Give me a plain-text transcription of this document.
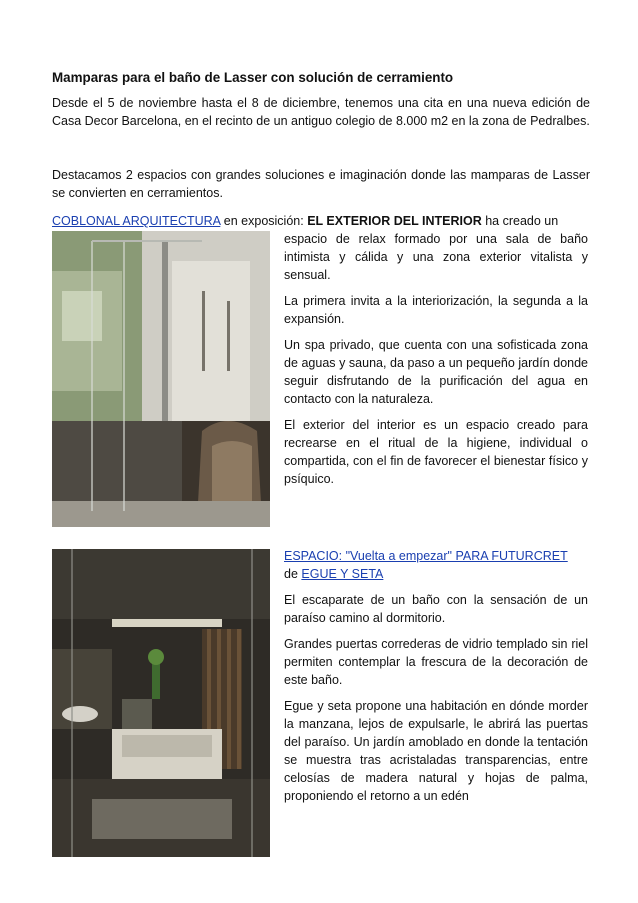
Mamparas para el baño de Lasser con solución de cerramiento

Desde el 5 de noviembre hasta el 8 de diciembre, tenemos una cita en una nueva edición de Casa Decor Barcelona, en el recinto de un antiguo colegio de 8.000 m2 en la zona de Pedralbes.

Destacamos 2 espacios con grandes soluciones e imaginación donde las mamparas de Lasser se convierten en cerramientos.

COBLONAL ARQUITECTURA en exposición: EL EXTERIOR DEL INTERIOR ha creado un

espacio de relax formado por una sala de baño intimista y cálida y una zona exterior vitalista y sensual.

La primera invita a la interiorización, la segunda a la expansión.

Un spa privado, que cuenta con una sofisticada zona de aguas y sauna, da paso a un pequeño jardín donde seguir disfrutando de la purificación del agua en contacto con la naturaleza.

El exterior del interior es un espacio creado para recrearse en el ritual de la higiene, individual o compartida, con el fin de favorecer el bienestar físico y psíquico.

ESPACIO: "Vuelta a empezar" PARA FUTURCRET
de EGUE Y SETA

El escaparate de un baño con la sensación de un paraíso camino al dormitorio.

Grandes puertas correderas de vidrio templado sin riel permiten contemplar la frescura de la decoración de este baño.

Egue y seta propone una habitación en dónde morder la manzana, lejos de expulsarle, le abrirá las puertas del paraíso. Un jardín amoblado en donde la tentación se muestra tras acristaladas transparencias, entre celosías de madera natural y hojas de palma, proponiendo el retorno a un edén
